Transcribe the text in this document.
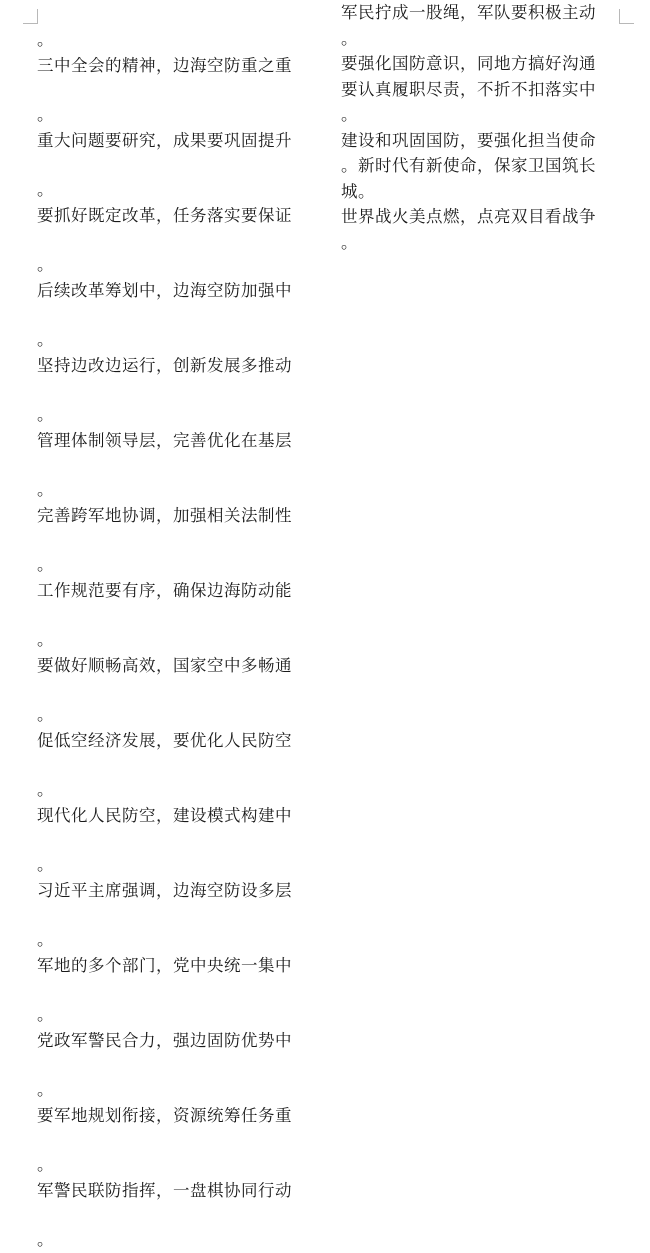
。
三中全会的精神，边海空防重之重
。
重大问题要研究，成果要巩固提升
。
要抓好既定改革，任务落实要保证
。
后续改革筹划中，边海空防加强中
。
坚持边改边运行，创新发展多推动
。
管理体制领导层，完善优化在基层
。
完善跨军地协调，加强相关法制性
。
工作规范要有序，确保边海防动能
。
要做好顺畅高效，国家空中多畅通
。
促低空经济发展，要优化人民防空
。
现代化人民防空，建设模式构建中
。
习近平主席强调，边海空防设多层
。
军地的多个部门，党中央统一集中
。
党政军警民合力，强边固防优势中
。
要军地规划衔接，资源统筹任务重
。
军警民联防指挥，一盘棋协同行动
。
军民拧成一股绳，军队要积极主动
。
要强化国防意识，同地方搞好沟通
要认真履职尽责，不折不扣落实中
。
建设和巩固国防，要强化担当使命
。新时代有新使命，保家卫国筑长
城。
世界战火美点燃，点亮双目看战争
。
